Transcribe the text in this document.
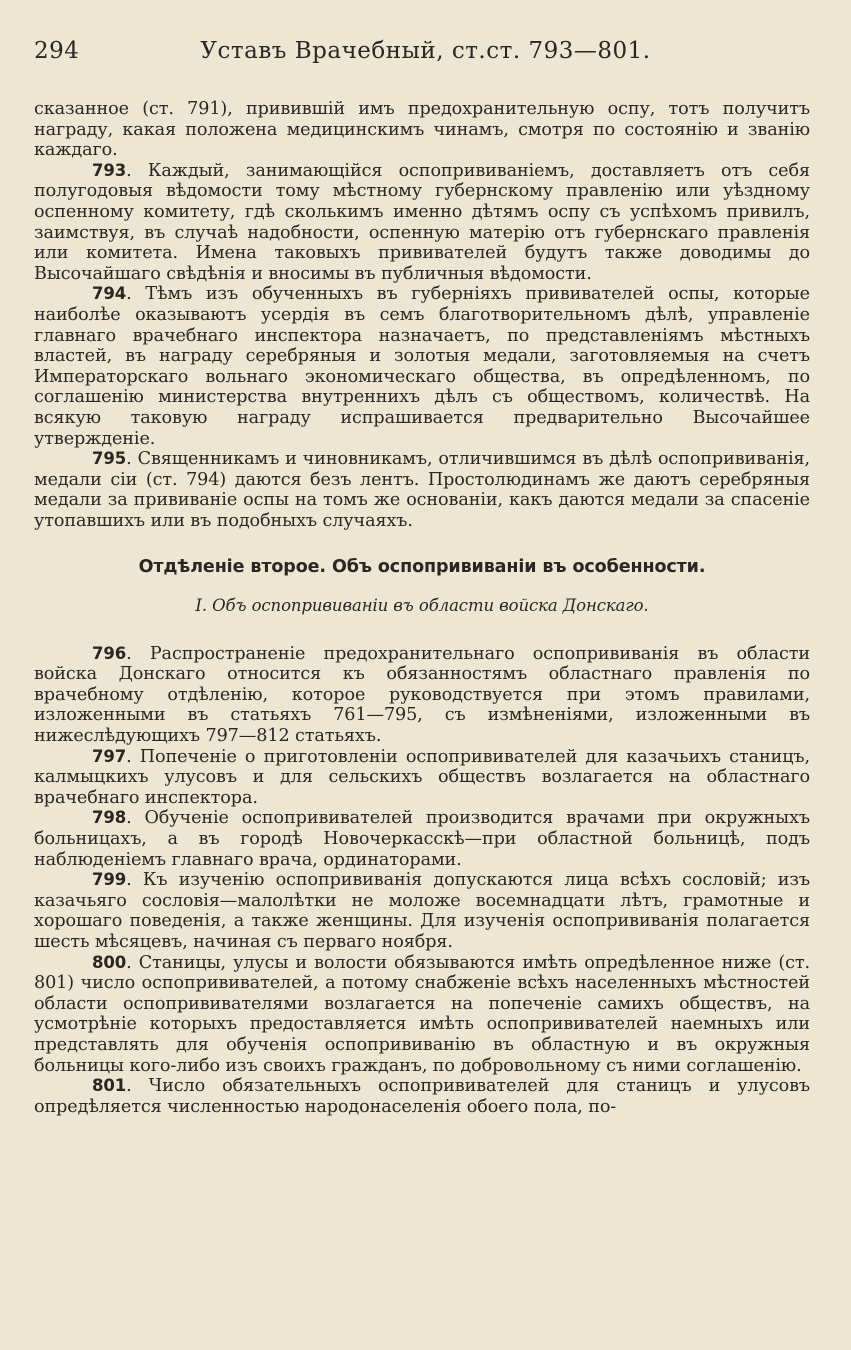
294	Уставъ Врачебный, ст.ст. 793—801.

сказанное (ст. 791), привившій имъ предохранительную оспу, тотъ получитъ награду, какая положена медицинскимъ чинамъ, смотря по состоянію и званію каждаго.

793. Каждый, занимающійся оспопрививаніемъ, доставляетъ отъ себя полугодовыя вѣдомости тому мѣстному губернскому правленію или уѣздному оспенному комитету, гдѣ сколькимъ именно дѣтямъ оспу съ успѣхомъ привилъ, заимствуя, въ случаѣ надобности, оспенную матерію отъ губернскаго правленія или комитета. Имена таковыхъ прививателей будутъ также доводимы до Высочайшаго свѣдѣнія и вносимы въ публичныя вѣдомости.

794. Тѣмъ изъ обученныхъ въ губерніяхъ прививателей оспы, которые наиболѣе оказываютъ усердія въ семъ благотворительномъ дѣлѣ, управленіе главнаго врачебнаго инспектора назначаетъ, по представленіямъ мѣстныхъ властей, въ награду серебряныя и золотыя медали, заготовляемыя на счетъ Императорскаго вольнаго экономическаго общества, въ опредѣленномъ, по соглашенію министерства внутреннихъ дѣлъ съ обществомъ, количествѣ. На всякую таковую награду испрашивается предварительно Высочайшее утвержденіе.

795. Священникамъ и чиновникамъ, отличившимся въ дѣлѣ оспопрививанія, медали сіи (ст. 794) даются безъ лентъ. Простолюдинамъ же даютъ серебряныя медали за прививаніе оспы на томъ же основаніи, какъ даются медали за спасеніе утопавшихъ или въ подобныхъ случаяхъ.

Отдѣленіе второе. Объ оспопрививаніи въ особенности.
I. Объ оспопрививаніи въ области войска Донскаго.

796. Распространеніе предохранительнаго оспопрививанія въ области войска Донскаго относится къ обязанностямъ областнаго правленія по врачебному отдѣленію, которое руководствуется при этомъ правилами, изложенными въ статьяхъ 761—795, съ измѣненіями, изложенными въ нижеслѣдующихъ 797—812 статьяхъ.

797. Попеченіе о приготовленіи оспопрививателей для казачьихъ станицъ, калмыцкихъ улусовъ и для сельскихъ обществъ возлагается на областнаго врачебнаго инспектора.

798. Обученіе оспопрививателей производится врачами при окружныхъ больницахъ, а въ городѣ Новочеркасскѣ—при областной больницѣ, подъ наблюденіемъ главнаго врача, ординаторами.

799. Къ изученію оспопрививанія допускаются лица всѣхъ сословій; изъ казачьяго сословія—малолѣтки не моложе восемнадцати лѣтъ, грамотные и хорошаго поведенія, а также женщины. Для изученія оспопрививанія полагается шесть мѣсяцевъ, начиная съ перваго ноября.

800. Станицы, улусы и волости обязываются имѣть опредѣленное ниже (ст. 801) число оспопрививателей, а потому снабженіе всѣхъ населенныхъ мѣстностей области оспопрививателями возлагается на попеченіе самихъ обществъ, на усмотрѣніе которыхъ предоставляется имѣть оспопрививателей наемныхъ или представлять для обученія оспопрививанію въ областную и въ окружныя больницы кого-либо изъ своихъ гражданъ, по добровольному съ ними соглашенію.

801. Число обязательныхъ оспопрививателей для станицъ и улусовъ опредѣляется численностью народонаселенія обоего пола, по-
